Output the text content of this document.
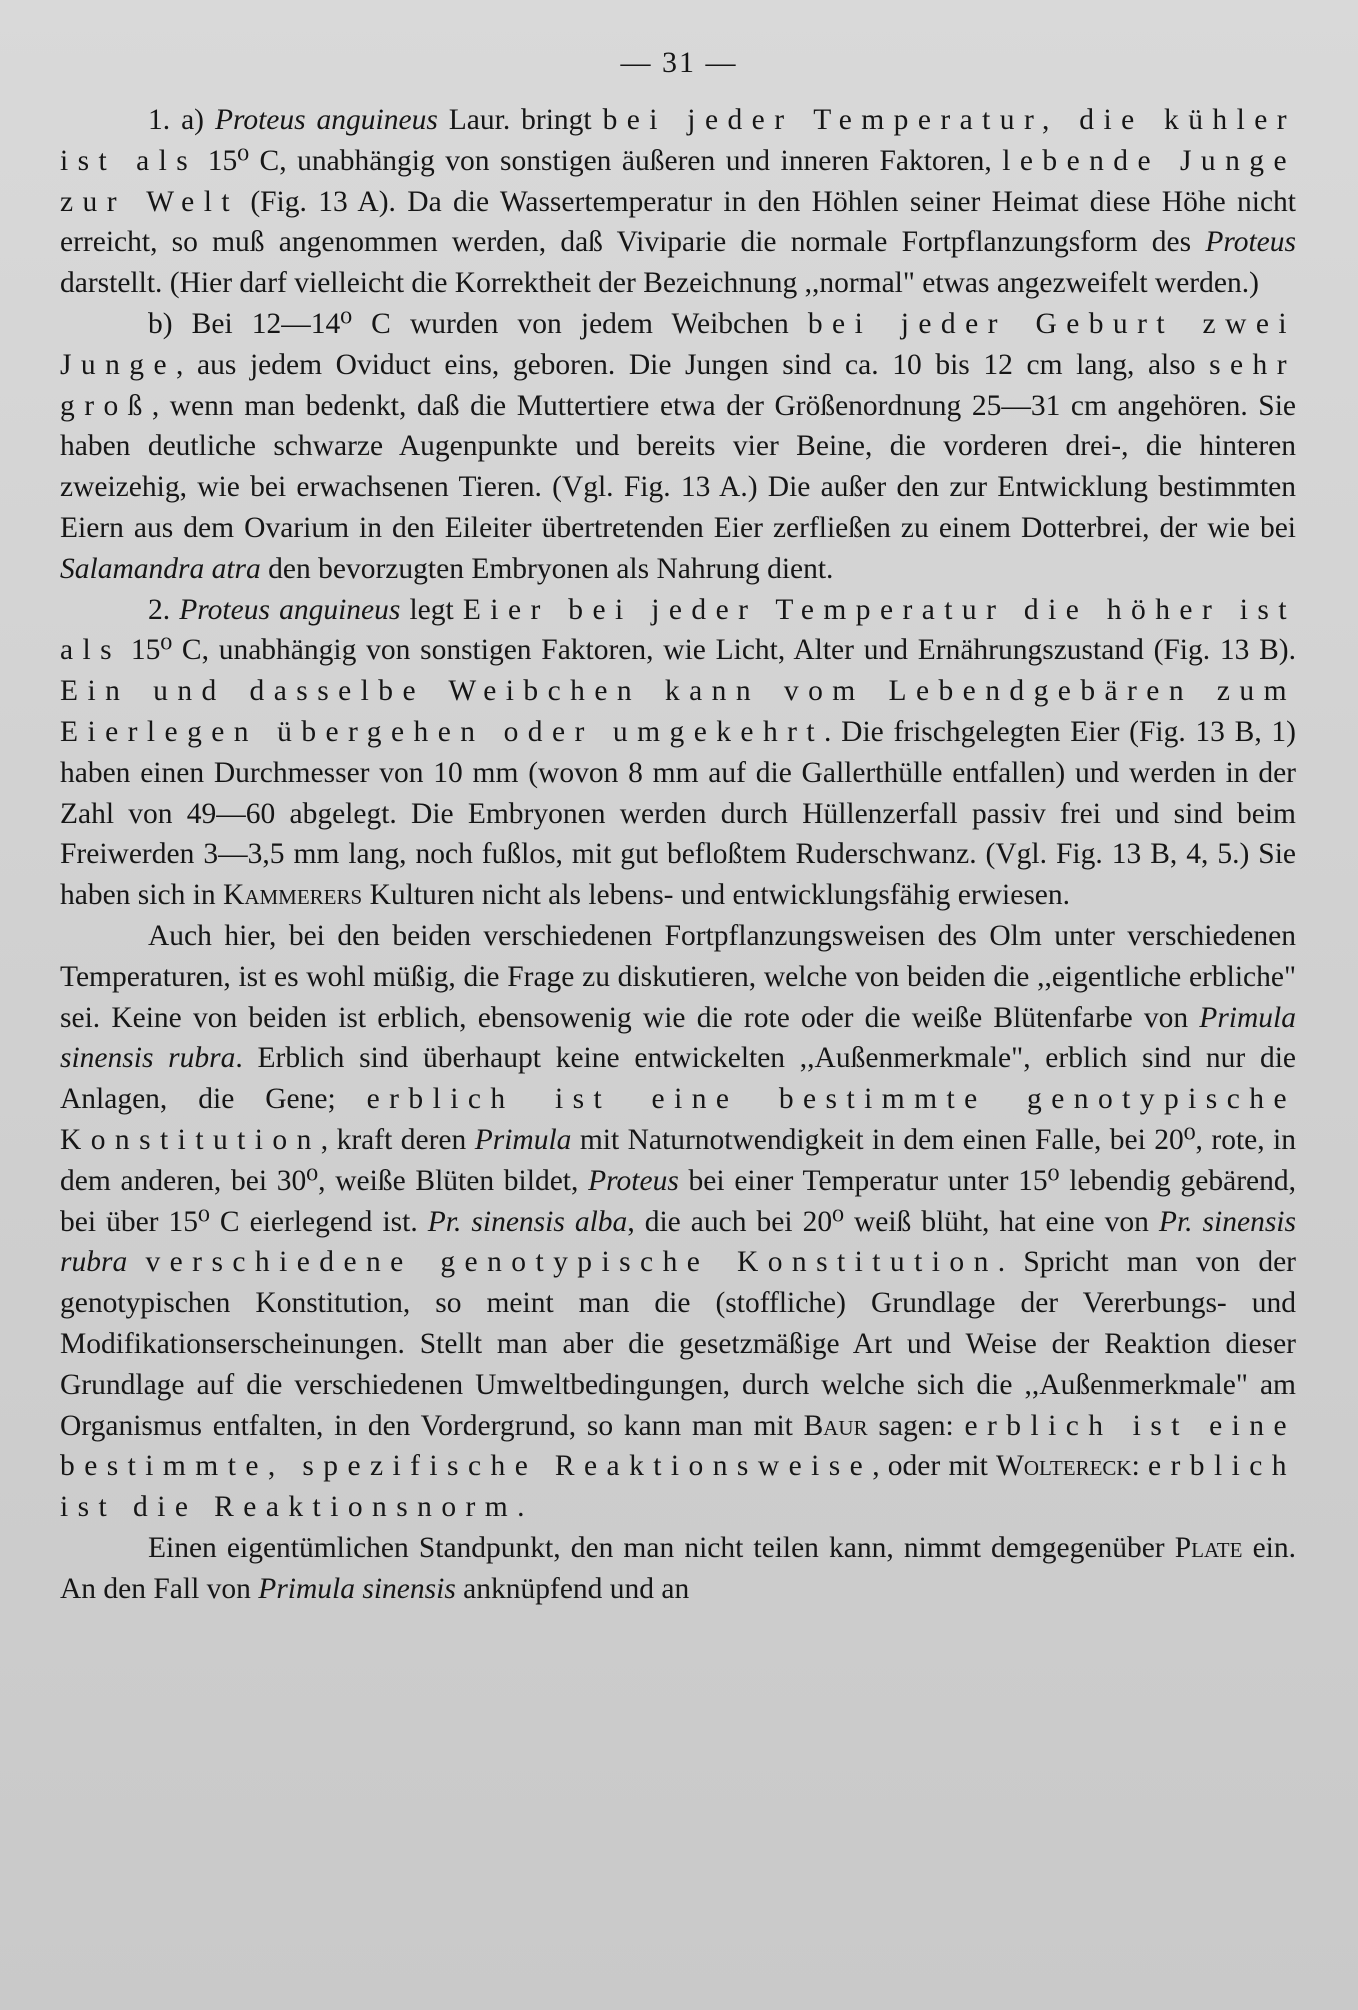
— 31 —

1. a) Proteus anguineus Laur. bringt bei jeder Temperatur, die kühler ist als 15⁰ C, unabhängig von sonstigen äußeren und inneren Faktoren, lebende Junge zur Welt (Fig. 13 A). Da die Wassertemperatur in den Höhlen seiner Heimat diese Höhe nicht erreicht, so muß angenommen werden, daß Viviparie die normale Fortpflanzungsform des Proteus darstellt. (Hier darf vielleicht die Korrektheit der Bezeichnung ,,normal" etwas angezweifelt werden.)

b) Bei 12—14⁰ C wurden von jedem Weibchen bei jeder Geburt zwei Junge, aus jedem Oviduct eins, geboren. Die Jungen sind ca. 10 bis 12 cm lang, also sehr groß, wenn man bedenkt, daß die Muttertiere etwa der Größenordnung 25—31 cm angehören. Sie haben deutliche schwarze Augenpunkte und bereits vier Beine, die vorderen drei-, die hinteren zweizehig, wie bei erwachsenen Tieren. (Vgl. Fig. 13 A.) Die außer den zur Entwicklung bestimmten Eiern aus dem Ovarium in den Eileiter übertretenden Eier zerfließen zu einem Dotterbrei, der wie bei Salamandra atra den bevorzugten Embryonen als Nahrung dient.

2. Proteus anguineus legt Eier bei jeder Temperatur die höher ist als 15⁰ C, unabhängig von sonstigen Faktoren, wie Licht, Alter und Ernährungszustand (Fig. 13 B). Ein und dasselbe Weibchen kann vom Lebendgebären zum Eierlegen übergehen oder umgekehrt. Die frischgelegten Eier (Fig. 13 B, 1) haben einen Durchmesser von 10 mm (wovon 8 mm auf die Gallerthülle entfallen) und werden in der Zahl von 49—60 abgelegt. Die Embryonen werden durch Hüllenzerfall passiv frei und sind beim Freiwerden 3—3,5 mm lang, noch fußlos, mit gut befloßtem Ruderschwanz. (Vgl. Fig. 13 B, 4, 5.) Sie haben sich in Kammerers Kulturen nicht als lebens- und entwicklungsfähig erwiesen.

Auch hier, bei den beiden verschiedenen Fortpflanzungsweisen des Olm unter verschiedenen Temperaturen, ist es wohl müßig, die Frage zu diskutieren, welche von beiden die ,,eigentliche erbliche" sei. Keine von beiden ist erblich, ebensowenig wie die rote oder die weiße Blütenfarbe von Primula sinensis rubra. Erblich sind überhaupt keine entwickelten ,,Außenmerkmale", erblich sind nur die Anlagen, die Gene; erblich ist eine bestimmte genotypische Konstitution, kraft deren Primula mit Naturnotwendigkeit in dem einen Falle, bei 20⁰, rote, in dem anderen, bei 30⁰, weiße Blüten bildet, Proteus bei einer Temperatur unter 15⁰ lebendig gebärend, bei über 15⁰ C eierlegend ist. Pr. sinensis alba, die auch bei 20⁰ weiß blüht, hat eine von Pr. sinensis rubra verschiedene genotypische Konstitution. Spricht man von der genotypischen Konstitution, so meint man die (stoffliche) Grundlage der Vererbungs- und Modifikationserscheinungen. Stellt man aber die gesetzmäßige Art und Weise der Reaktion dieser Grundlage auf die verschiedenen Umweltbedingungen, durch welche sich die ,,Außenmerkmale" am Organismus entfalten, in den Vordergrund, so kann man mit Baur sagen: erblich ist eine bestimmte, spezifische Reaktionsweise, oder mit Woltereck: erblich ist die Reaktionsnorm.

Einen eigentümlichen Standpunkt, den man nicht teilen kann, nimmt demgegenüber Plate ein. An den Fall von Primula sinensis anknüpfend und an
